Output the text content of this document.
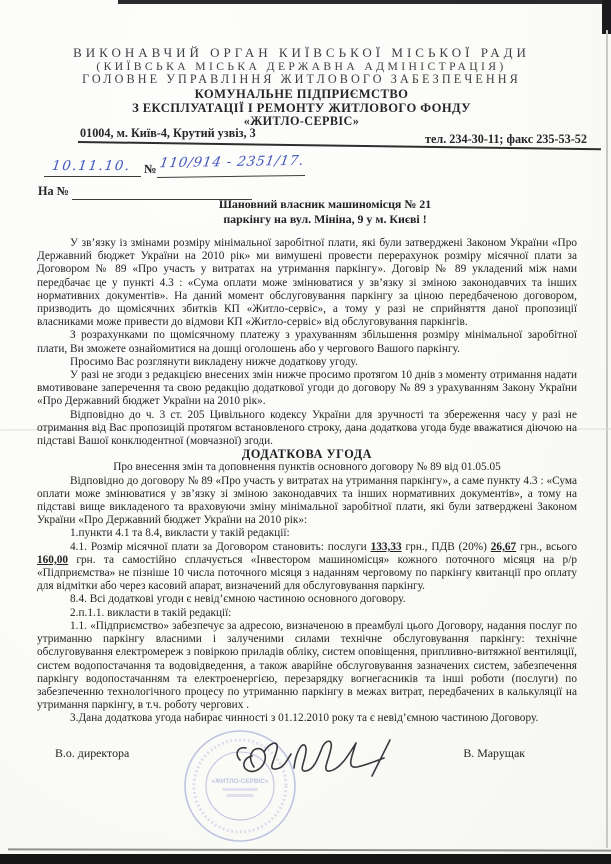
ВИКОНАВЧИЙ ОРГАН КИЇВСЬКОЇ МІСЬКОЇ РАДИ
(КИЇВСЬКА МІСЬКА ДЕРЖАВНА АДМІНІСТРАЦІЯ)
ГОЛОВНЕ УПРАВЛІННЯ ЖИТЛОВОГО ЗАБЕЗПЕЧЕННЯ
КОМУНАЛЬНЕ ПІДПРИЄМСТВО
З ЕКСПЛУАТАЦІЇ І РЕМОНТУ ЖИТЛОВОГО ФОНДУ
«ЖИТЛО-СЕРВІС»
01004, м. Київ-4, Крутий узвіз, 3	тел. 234-30-11; факс 235-53-52
10.11.10. № 110/914 - 2351/17.
На №
Шановний власник машиномісця № 21
паркінгу на вул. Мініна, 9 у м. Києві !

У зв’язку із змінами розміру мінімальної заробітної плати, які були затверджені Законом України «Про Державний бюджет України на 2010 рік» ми вимушені провести перерахунок розміру місячної плати за Договором № 89 «Про участь у витратах на утримання паркінгу». Договір № 89 укладений між нами передбачає це у пункті 4.3 : «Сума оплати може змінюватися у зв’язку зі зміною законодавчих та інших нормативних документів». На даний момент обслуговування паркінгу за ціною передбаченою договором, призводить до щомісячних збитків КП «Житло-сервіс», а тому у разі не сприйняття даної пропозиції власниками може привести до відмови КП «Житло-сервіс» від обслуговування паркінгів.

З розрахунками по щомісячному платежу з урахуванням збільшення розміру мінімальної заробітної плати, Ви зможете ознайомитися на дошці оголошень або у чергового Вашого паркінгу.

Просимо Вас розглянути викладену нижче додаткову угоду.

У разі не згоди з редакцією внесених змін нижче просимо протягом 10 днів з моменту отримання надати вмотивоване заперечення та свою редакцію додаткової угоди до договору № 89 з урахуванням Закону України «Про Державний бюджет України на 2010 рік».

Відповідно до ч. 3 ст. 205 Цивільного кодексу України для зручності та збереження часу у разі не отримання від Вас пропозицій протягом встановленого строку, дана додаткова угода буде вважатися діючою на підставі Вашої конклюдентної (мовчазної) згоди.

ДОДАТКОВА УГОДА

Про внесення змін та доповнення пунктів основного договору № 89 від 01.05.05

Відповідно до договору № 89 «Про участь у витратах на утримання паркінгу», а саме пункту 4.3 : «Сума оплати може змінюватися у зв’язку зі зміною законодавчих та інших нормативних документів», а тому на підставі вище викладеного та враховуючи зміну мінімальної заробітної плати, які були затверджені Законом України «Про Державний бюджет України на 2010 рік»:

1.пункти 4.1 та 8.4, викласти у такій редакції:

4.1. Розмір місячної плати за Договором становить: послуги 133,33 грн., ПДВ (20%) 26,67 грн., всього 160,00 грн. та самостійно сплачується «Інвестором машиномісця» кожного поточного місяця на р/р «Підприємства» не пізніше 10 числа поточного місяця з наданням черговому по паркінгу квитанції про оплату для відмітки або через касовий апарат, визначений для обслуговування паркінгу.

8.4. Всі додаткові угоди є невід’ємною частиною основного договору.

2.п.1.1. викласти в такій редакції:

1.1. «Підприємство» забезпечує за адресою, визначеною в преамбулі цього Договору, надання послуг по утриманню паркінгу власними і залученими силами технічне обслуговування паркінгу: технічне обслуговування електромереж з повіркою приладів обліку, систем оповіщення, припливно-витяжної вентиляції, систем водопостачання та водовідведення, а також аварійне обслуговування зазначених систем, забезпечення паркінгу водопостачанням та електроенергією, перезарядку вогнегасників та інші роботи (послуги) по забезпеченню технологічного процесу по утриманню паркінгу в межах витрат, передбачених в калькуляції на утримання паркінгу, в т.ч. роботу чергових .

3.Дана додаткова угода набирає чинності з 01.12.2010 року та є невід’ємною частиною Договору.

«ЖИТЛО-СЕРВІС»
В.о. директора	В. Марущак
